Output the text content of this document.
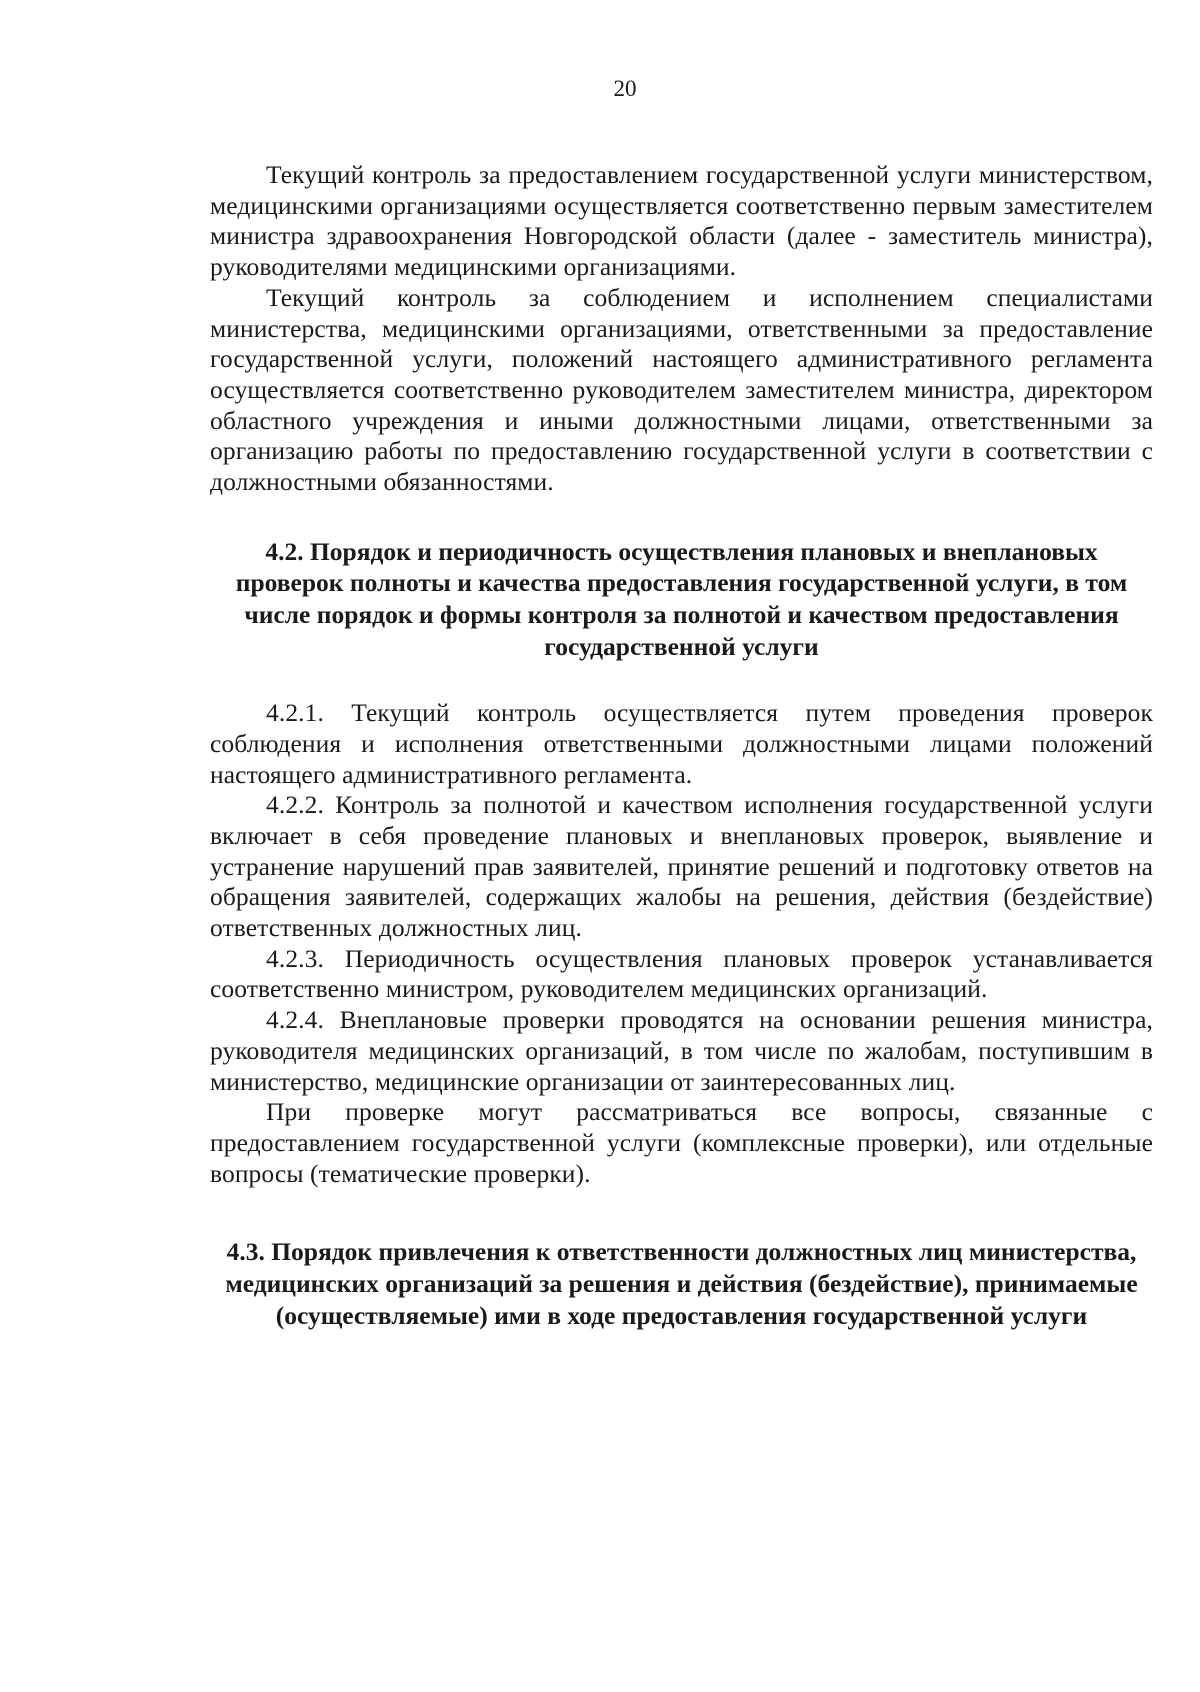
20

Текущий контроль за предоставлением государственной услуги министерством, медицинскими организациями осуществляется соответственно первым заместителем министра здравоохранения Новгородской области (далее - заместитель министра), руководителями медицинскими организациями.

Текущий контроль за соблюдением и исполнением специалистами министерства, медицинскими организациями, ответственными за предоставление государственной услуги, положений настоящего административного регламента осуществляется соответственно руководителем заместителем министра, директором областного учреждения и иными должностными лицами, ответственными за организацию работы по предоставлению государственной услуги в соответствии с должностными обязанностями.

4.2. Порядок и периодичность осуществления плановых и внеплановых проверок полноты и качества предоставления государственной услуги, в том числе порядок и формы контроля за полнотой и качеством предоставления государственной услуги

4.2.1. Текущий контроль осуществляется путем проведения проверок соблюдения и исполнения ответственными должностными лицами положений настоящего административного регламента.

4.2.2. Контроль за полнотой и качеством исполнения государственной услуги включает в себя проведение плановых и внеплановых проверок, выявление и устранение нарушений прав заявителей, принятие решений и подготовку ответов на обращения заявителей, содержащих жалобы на решения, действия (бездействие) ответственных должностных лиц.

4.2.3. Периодичность осуществления плановых проверок устанавливается соответственно министром, руководителем медицинских организаций.

4.2.4. Внеплановые проверки проводятся на основании решения министра, руководителя медицинских организаций, в том числе по жалобам, поступившим в министерство, медицинские организации от заинтересованных лиц.

При проверке могут рассматриваться все вопросы, связанные с предоставлением государственной услуги (комплексные проверки), или отдельные вопросы (тематические проверки).

4.3. Порядок привлечения к ответственности должностных лиц министерства, медицинских организаций за решения и действия (бездействие), принимаемые (осуществляемые) ими в ходе предоставления государственной услуги
